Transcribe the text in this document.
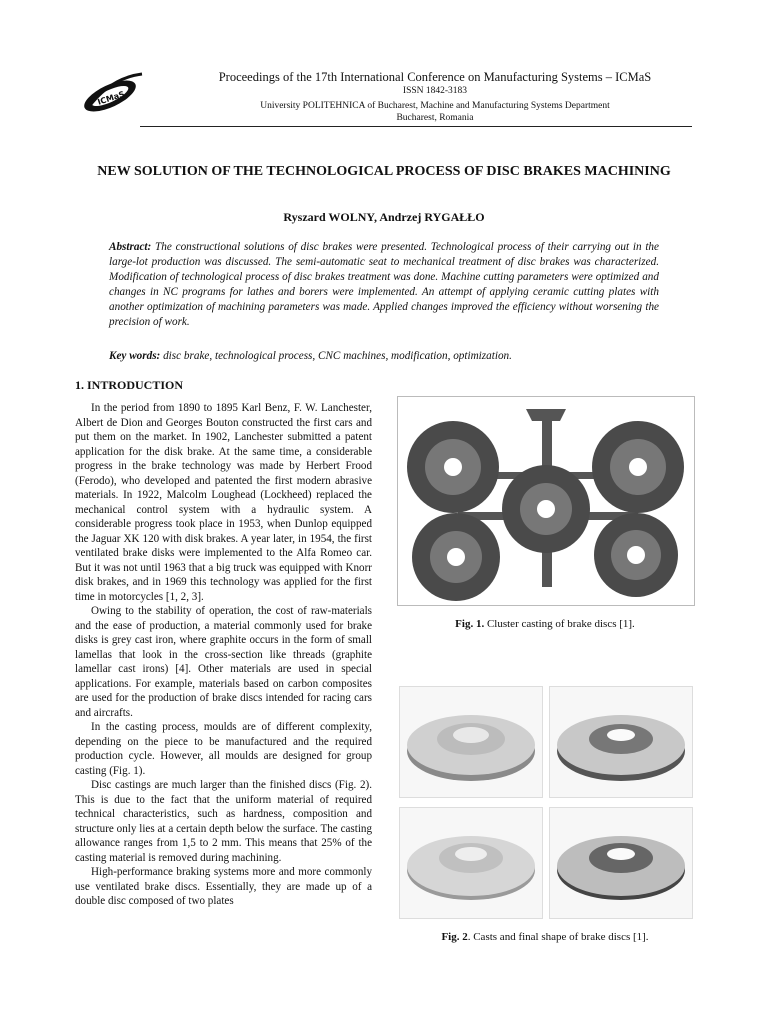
ICMaS
Proceedings of the 17th International Conference on Manufacturing Systems – ICMaS
ISSN 1842-3183
University POLITEHNICA of Bucharest, Machine and Manufacturing Systems Department
Bucharest, Romania
NEW SOLUTION OF THE TECHNOLOGICAL PROCESS OF DISC BRAKES MACHINING
Ryszard WOLNY, Andrzej RYGAŁŁO
Abstract: The constructional solutions of disc brakes were presented. Technological process of their carrying out in the large-lot production was discussed. The semi-automatic seat to mechanical treatment of disc brakes was characterized. Modification of technological process of disc brakes treatment was done. Machine cutting parameters were optimized and changes in NC programs for lathes and borers were implemented. An attempt of applying ceramic cutting plates with another optimization of machining parameters was made. Applied changes improved the efficiency without worsening the precision of work.
Key words: disc brake, technological process, CNC machines, modification, optimization.
1. INTRODUCTION

In the period from 1890 to 1895 Karl Benz, F. W. Lanchester, Albert de Dion and Georges Bouton constructed the first cars and put them on the market. In 1902, Lanchester submitted a patent application for the disk brake. At the same time, a considerable progress in the brake technology was made by Herbert Frood (Ferodo), who developed and patented the first modern abrasive materials. In 1922, Malcolm Loughead (Lockheed) replaced the mechanical control system with a hydraulic system. A considerable progress took place in 1953, when Dunlop equipped the Jaguar XK 120 with disk brakes. A year later, in 1954, the first ventilated brake disks were implemented to the Alfa Romeo car. But it was not until 1963 that a big truck was equipped with Knorr disk brakes, and in 1969 this technology was applied for the first time in motorcycles [1, 2, 3].

Owing to the stability of operation, the cost of raw-materials and the ease of production, a material commonly used for brake disks is grey cast iron, where graphite occurs in the form of small lamellas that look in the cross-section like threads (graphite lamellar cast irons) [4]. Other materials are used in special applications. For example, materials based on carbon composites are used for the production of brake discs intended for racing cars and aircrafts.

In the casting process, moulds are of different complexity, depending on the piece to be manufactured and the required production cycle. However, all moulds are designed for group casting (Fig. 1).

Disc castings are much larger than the finished discs (Fig. 2). This is due to the fact that the uniform material of required technical characteristics, such as hardness, composition and structure only lies at a certain depth below the surface. The casting allowance ranges from 1,5 to 2 mm. This means that 25% of the casting material is removed during machining.

High-performance braking systems more and more commonly use ventilated brake discs. Essentially, they are made up of a double disc composed of two plates

Fig. 1. Cluster casting of brake discs [1].
Fig. 2. Casts and final shape of brake discs [1].
